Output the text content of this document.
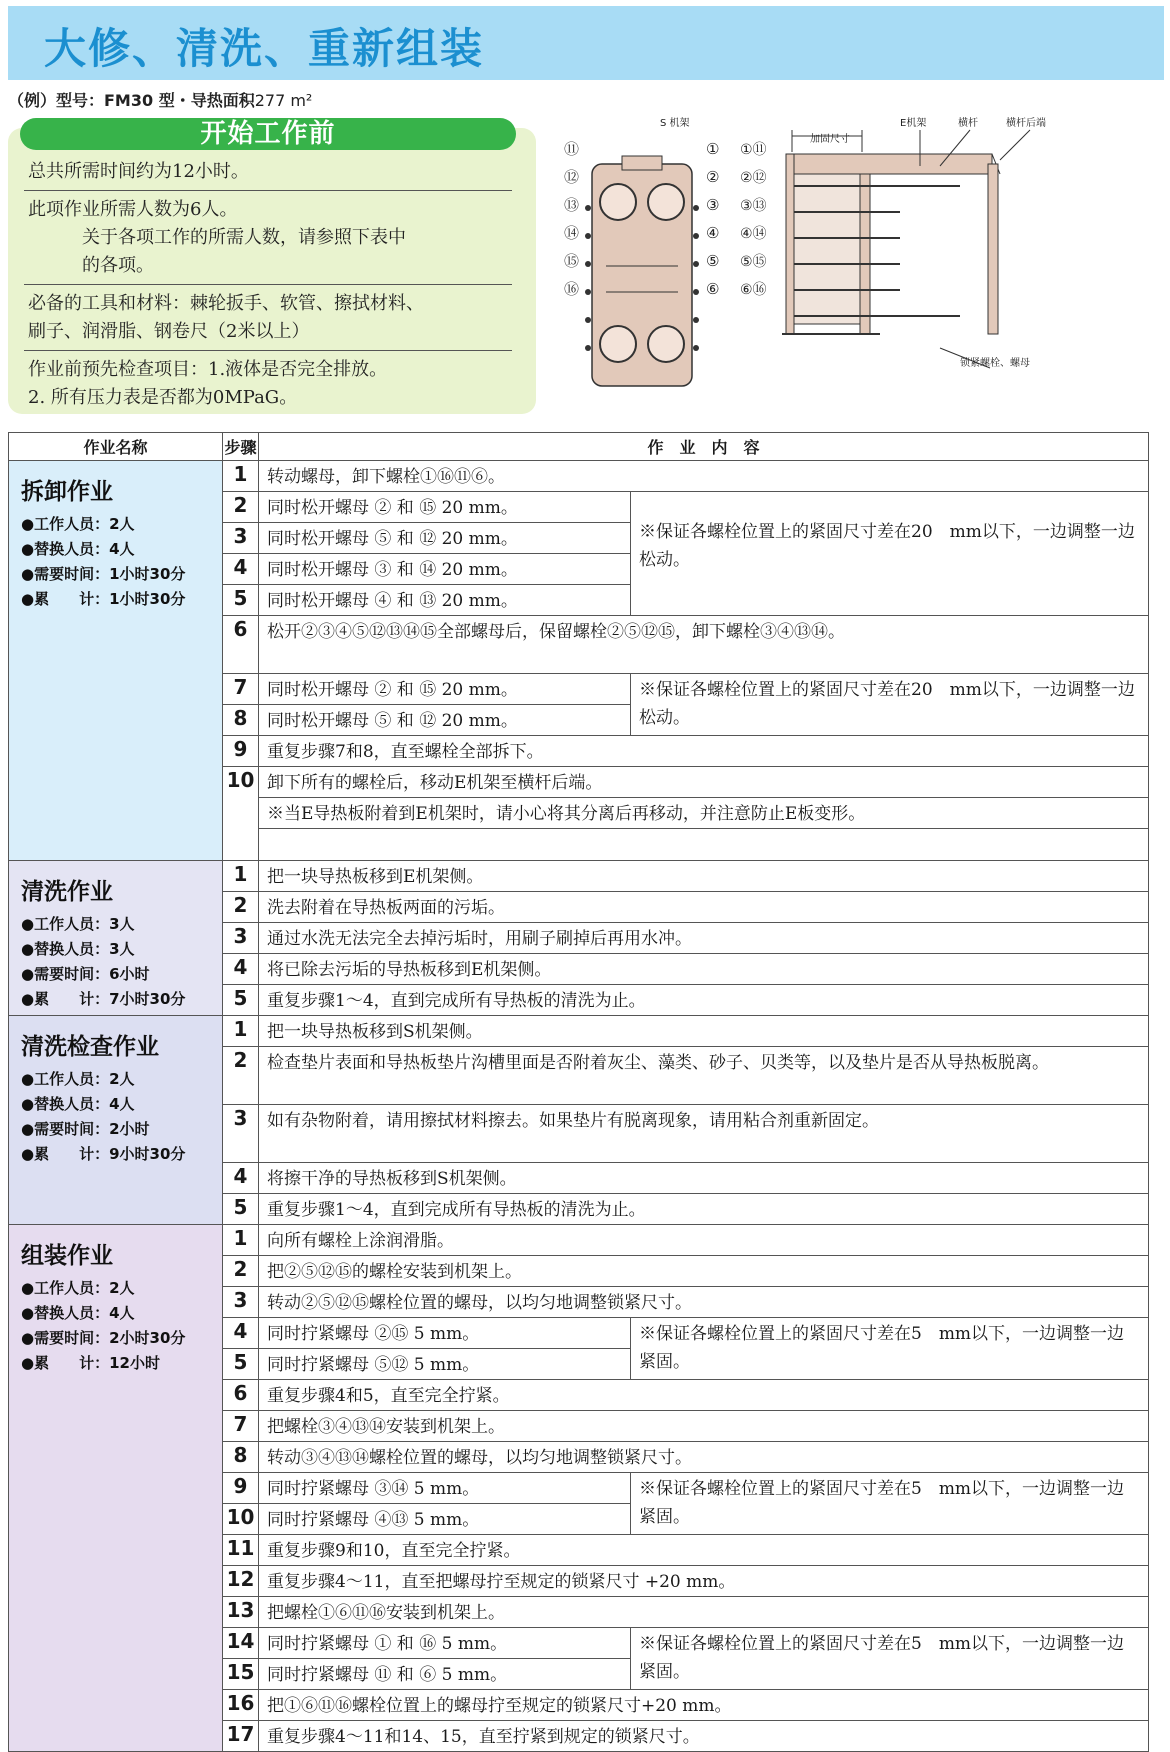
大修、清洗、重新组装
（例）型号：FM30 型・导热面积277 m²
开始工作前
总共所需时间约为12小时。
此项作业所需人数为6人。
关于各项工作的所需人数，请参照下表中
的各项。
必备的工具和材料：棘轮扳手、软管、擦拭材料、
刷子、润滑脂、钢卷尺（2米以上）
作业前预先检查项目：1.液体是否完全排放。
2. 所有压力表是否都为0MPaG。
⑪
⑫
⑬
⑭
⑮
⑯
①
②
③
④
⑤
⑥
S 机架
加固尺寸
E机架	横杆	横杆后端
锁紧螺栓、螺母
①⑪
②⑫
③⑬
④⑭
⑤⑮
⑥⑯
作业名称	步骤	作　业　内　容	

拆卸作业
●工作人员：2人
●替换人员：4人
●需要时间：1小时30分
●累　　计：1小时30分	1	转动螺母，卸下螺栓①⑯⑪⑥。	
	2	同时松开螺母 ② 和 ⑮ 20 mm。	※保证各螺栓位置上的紧固尺寸差在20　mm以下，一边调整一边松动。
	3	同时松开螺母 ⑤ 和 ⑫ 20 mm。	
	4	同时松开螺母 ③ 和 ⑭ 20 mm。	
	5	同时松开螺母 ④ 和 ⑬ 20 mm。	
	6	松开②③④⑤⑫⑬⑭⑮全部螺母后，保留螺栓②⑤⑫⑮，卸下螺栓③④⑬⑭。	
	7	同时松开螺母 ② 和 ⑮ 20 mm。	※保证各螺栓位置上的紧固尺寸差在20　mm以下，一边调整一边松动。
	8	同时松开螺母 ⑤ 和 ⑫ 20 mm。	
	9	重复步骤7和8，直至螺栓全部拆下。	
	10	卸下所有的螺栓后，移动E机架至横杆后端。	
		※当E导热板附着到E机架时，请小心将其分离后再移动，并注意防止E板变形。	

清洗作业
●工作人员：3人
●替换人员：3人
●需要时间：6小时
●累　　计：7小时30分	1	把一块导热板移到E机架侧。	
	2	洗去附着在导热板两面的污垢。	
	3	通过水洗无法完全去掉污垢时，用刷子刷掉后再用水冲。	
	4	将已除去污垢的导热板移到E机架侧。	
	5	重复步骤1～4，直到完成所有导热板的清洗为止。	

清洗检查作业
●工作人员：2人
●替换人员：4人
●需要时间：2小时
●累　　计：9小时30分	1	把一块导热板移到S机架侧。	
	2	检查垫片表面和导热板垫片沟槽里面是否附着灰尘、藻类、砂子、贝类等，以及垫片是否从导热板脱离。	
	3	如有杂物附着，请用擦拭材料擦去。如果垫片有脱离现象，请用粘合剂重新固定。	
	4	将擦干净的导热板移到S机架侧。	
	5	重复步骤1～4，直到完成所有导热板的清洗为止。	

组装作业
●工作人员：2人
●替换人员：4人
●需要时间：2小时30分
●累　　计：12小时	1	向所有螺栓上涂润滑脂。	
	2	把②⑤⑫⑮的螺栓安装到机架上。	
	3	转动②⑤⑫⑮螺栓位置的螺母，以均匀地调整锁紧尺寸。	
	4	同时拧紧螺母 ②⑮ 5 mm。	※保证各螺栓位置上的紧固尺寸差在5　mm以下，一边调整一边紧固。
	5	同时拧紧螺母 ⑤⑫ 5 mm。	
	6	重复步骤4和5，直至完全拧紧。	
	7	把螺栓③④⑬⑭安装到机架上。	
	8	转动③④⑬⑭螺栓位置的螺母，以均匀地调整锁紧尺寸。	
	9	同时拧紧螺母 ③⑭ 5 mm。	※保证各螺栓位置上的紧固尺寸差在5　mm以下，一边调整一边紧固。
	10	同时拧紧螺母 ④⑬ 5 mm。	
	11	重复步骤9和10，直至完全拧紧。	
	12	重复步骤4～11，直至把螺母拧至规定的锁紧尺寸 +20 mm。	
	13	把螺栓①⑥⑪⑯安装到机架上。	
	14	同时拧紧螺母 ① 和 ⑯ 5 mm。	※保证各螺栓位置上的紧固尺寸差在5　mm以下，一边调整一边紧固。
	15	同时拧紧螺母 ⑪ 和 ⑥ 5 mm。	
	16	把①⑥⑪⑯螺栓位置上的螺母拧至规定的锁紧尺寸+20 mm。	
	17	重复步骤4～11和14、15，直至拧紧到规定的锁紧尺寸。	
